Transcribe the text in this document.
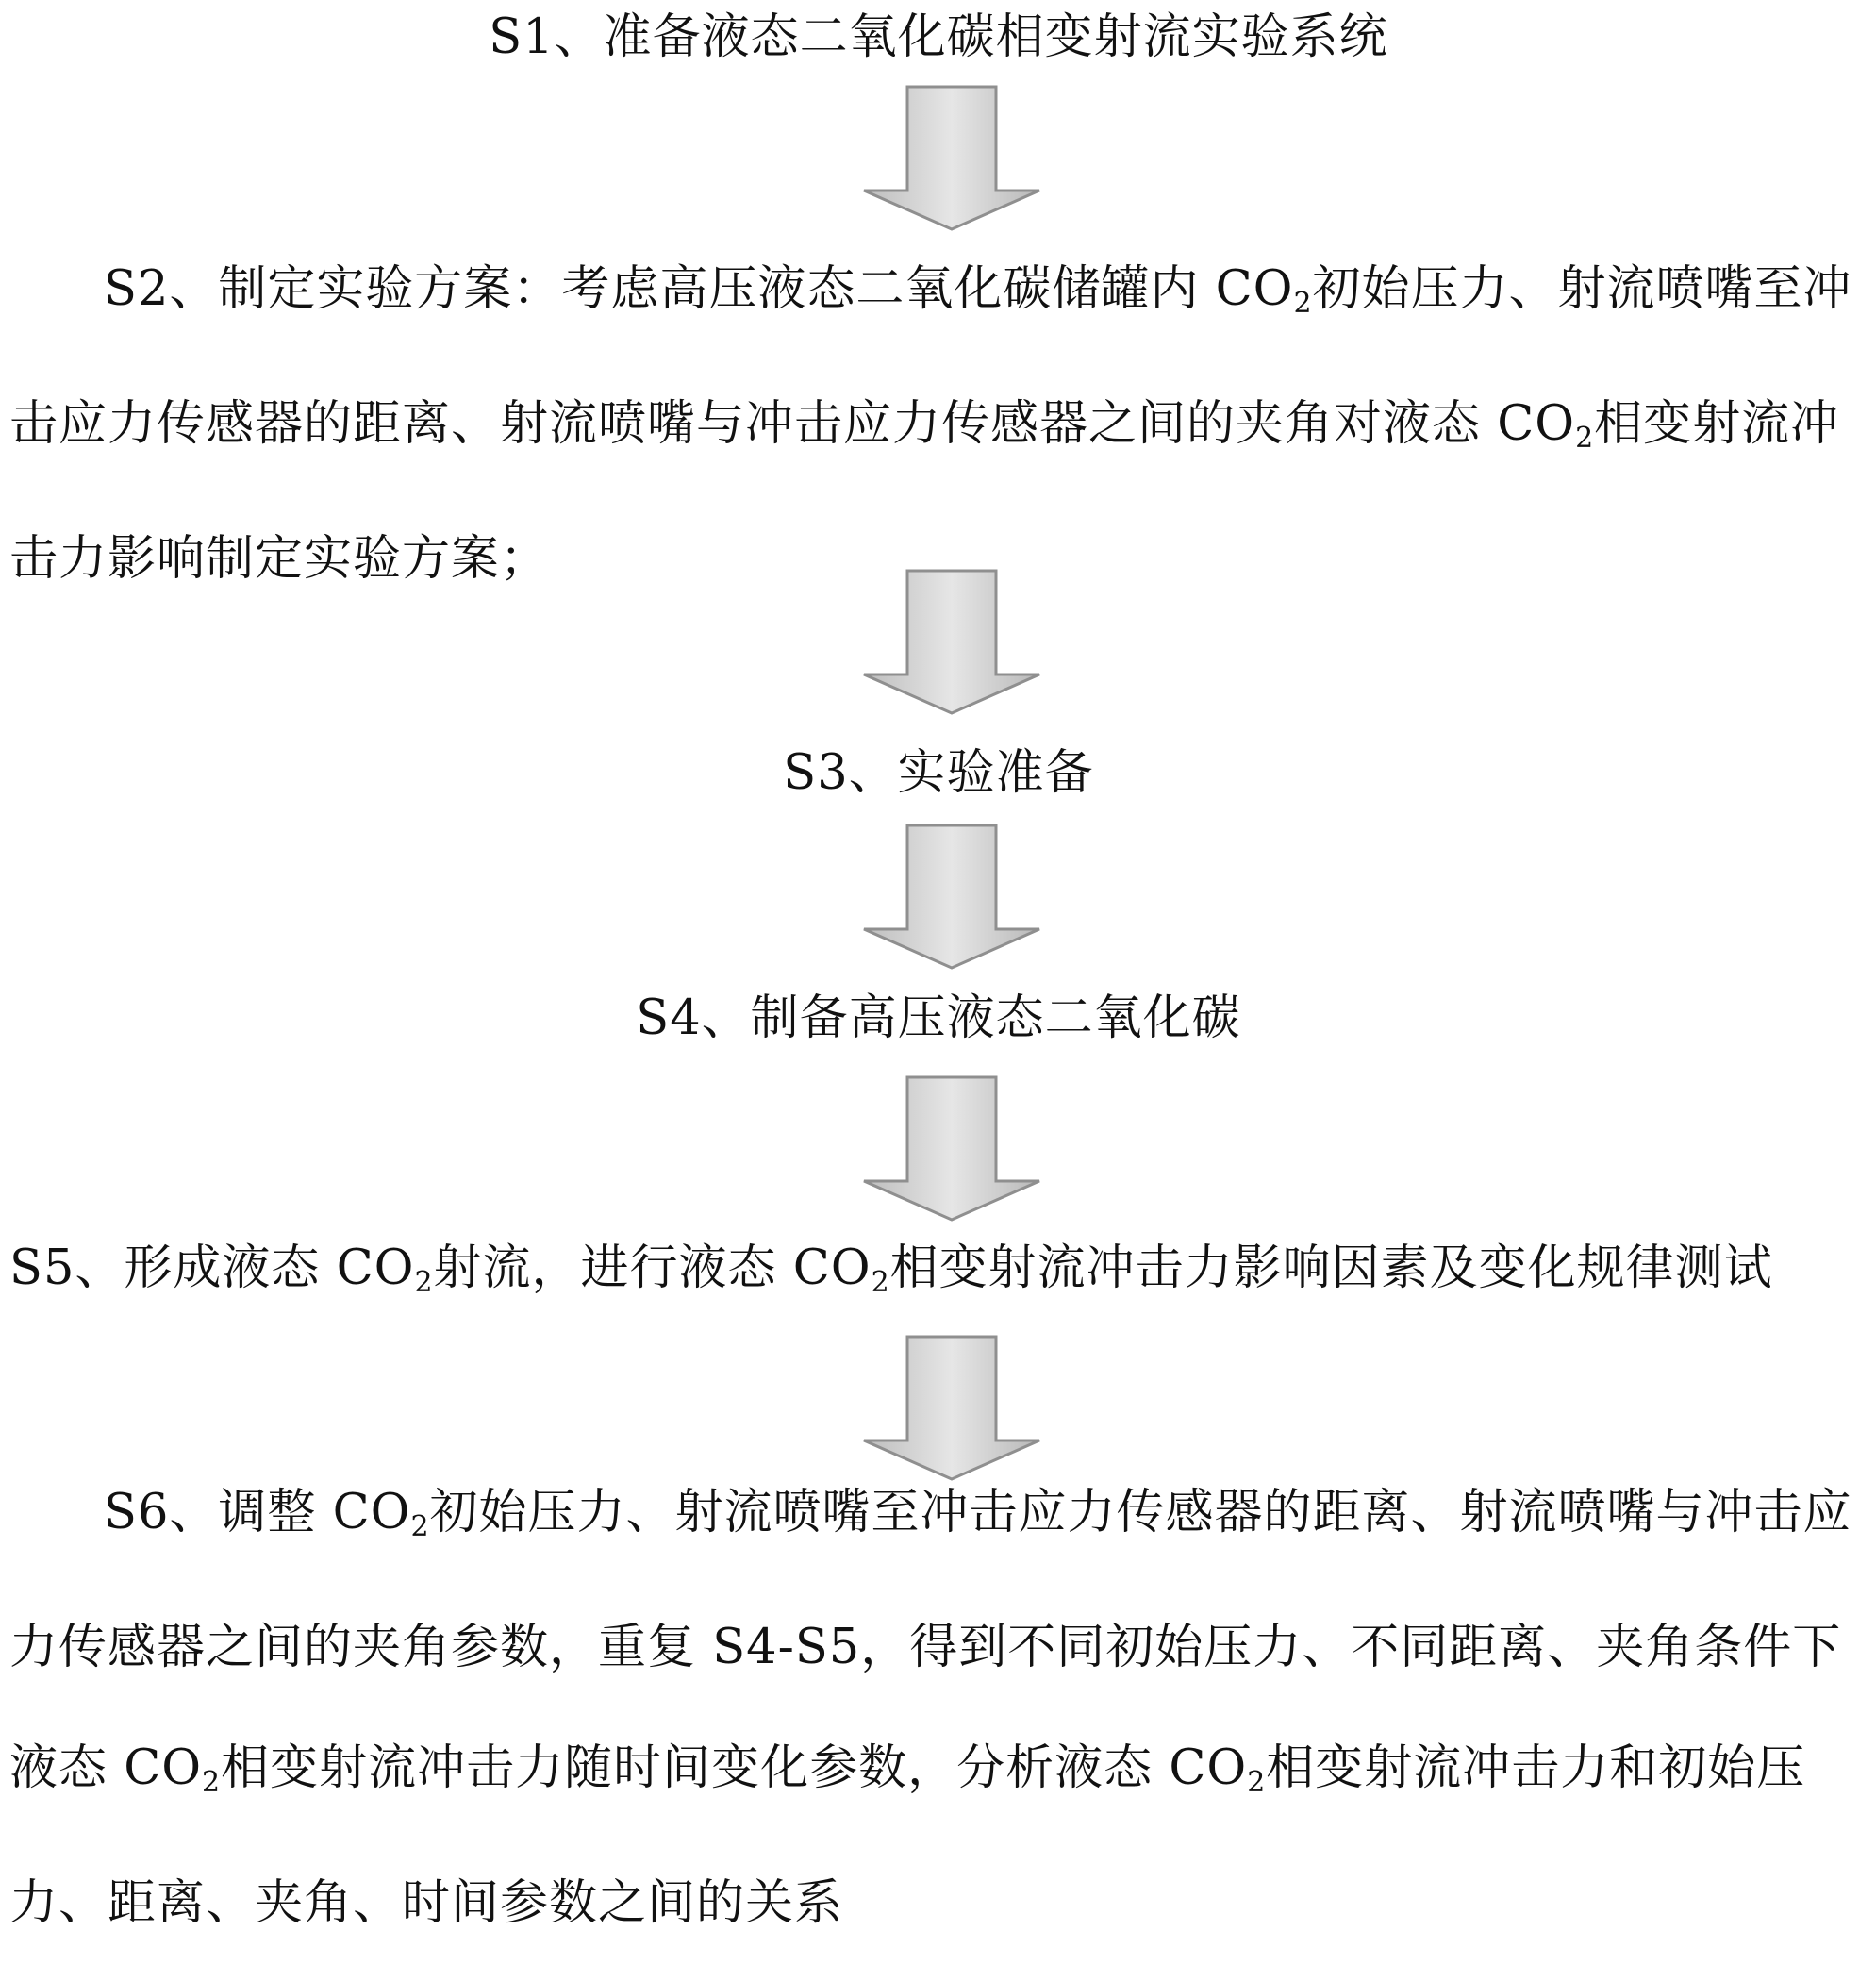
S1、准备液态二氧化碳相变射流实验系统

S2、制定实验方案：考虑高压液态二氧化碳储罐内 $CO_2$初始压力、射流喷嘴至冲击应力传感器的距离、射流喷嘴与冲击应力传感器之间的夹角对液态 $CO_2$相变射流冲击力影响制定实验方案；

S3、实验准备

S4、制备高压液态二氧化碳

S5、形成液态 $CO_2$射流，进行液态 $CO_2$相变射流冲击力影响因素及变化规律测试

S6、调整 $CO_2$初始压力、射流喷嘴至冲击应力传感器的距离、射流喷嘴与冲击应力传感器之间的夹角参数，重复 S4-S5，得到不同初始压力、不同距离、夹角条件下液态 $CO_2$相变射流冲击力随时间变化参数，分析液态 $CO_2$相变射流冲击力和初始压力、距离、夹角、时间参数之间的关系
